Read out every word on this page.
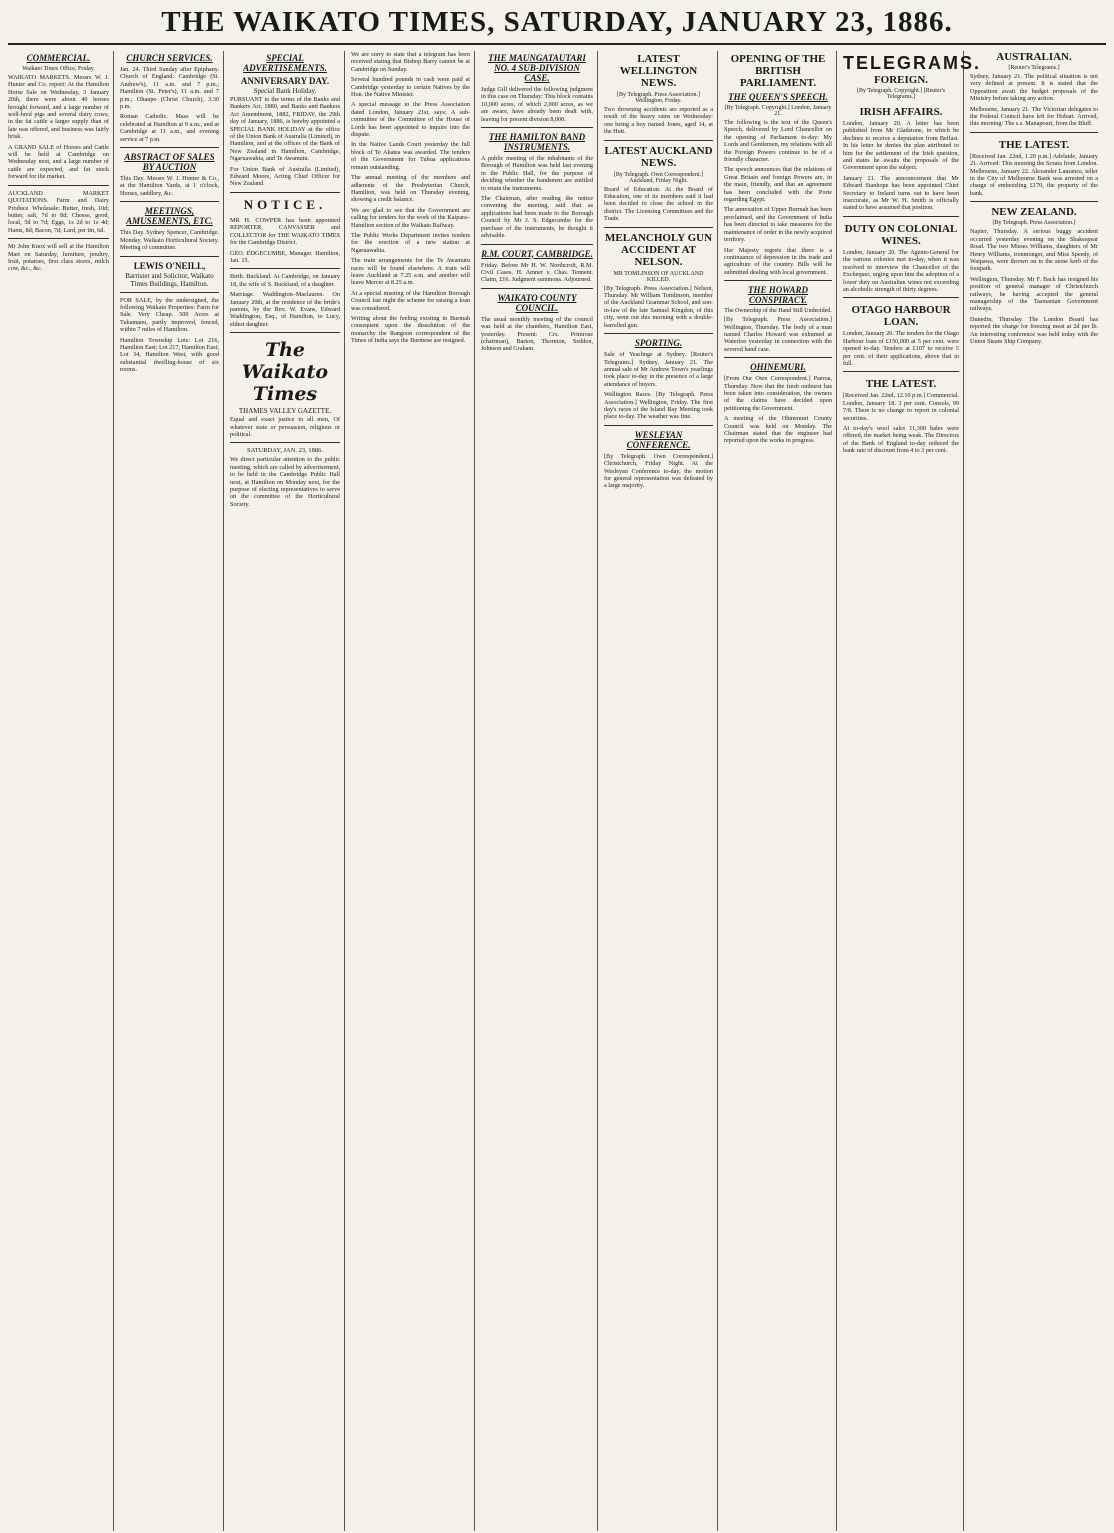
THE WAIKATO TIMES, SATURDAY, JANUARY 23, 1886.
COMMERCIAL.
Waikato Times Office, Friday.

WAIKATO MARKETS. Messrs W. J. Hunter and Co. report: At the Hamilton Horse Sale on Wednesday, 3 January 20th, there were about 40 horses brought forward, and a large number of well-bred pigs and several dairy cows; in the fat cattle a larger supply than of late was offered, and business was fairly brisk.

A GRAND SALE of Horses and Cattle will be held at Cambridge on Wednesday next, and a large number of cattle are expected, and fat stock forward for the market.

AUCKLAND MARKET QUOTATIONS. Farm and Dairy Produce. Wholesale: Butter, fresh, 10d; butter, salt, 7d to 8d; Cheese, good, local, 5d to 7d; Eggs, 1s 2d to 1s 4d; Hams, 8d; Bacon, 7d; Lard, per tin, 6d.

Mr John Knox will sell at the Hamilton Mart on Saturday, furniture, poultry, fruit, potatoes, first class stores, milch cow, &c., &c.

CHURCH SERVICES.

Jan. 24. Third Sunday after Epiphany. Church of England: Cambridge (St. Andrew's), 11 a.m. and 7 p.m.; Hamilton (St. Peter's), 11 a.m. and 7 p.m.; Ohaupo (Christ Church), 3.30 p.m.

Roman Catholic. Mass will be celebrated at Hamilton at 9 a.m., and at Cambridge at 11 a.m., and evening service at 7 p.m.

ABSTRACT OF SALES BY AUCTION

This Day. Messrs W. J. Hunter & Co., at the Hamilton Yards, at 1 o'clock, Horses, saddlery, &c.

MEETINGS, AMUSEMENTS, ETC.

This Day. Sydney Spencer, Cambridge. Monday. Waikato Horticultural Society. Meeting of committee.

LEWIS O'NEILL,
Barrister and Solicitor, Waikato Times Buildings, Hamilton.

FOR SALE, by the undersigned, the following Waikato Properties: Farm for Sale. Very Cheap. 500 Acres at Tukamanu, partly improved, fenced, within 7 miles of Hamilton.

Hamilton Township Lots: Lot 216, Hamilton East; Lot 217, Hamilton East; Lot 34, Hamilton West, with good substantial dwelling-house of six rooms.

SPECIAL ADVERTISEMENTS.
ANNIVERSARY DAY.
Special Bank Holiday.

PURSUANT to the terms of the Banks and Bankers Act, 1880, and Banks and Bankers Act Amendment, 1882, FRIDAY, the 29th day of January, 1886, is hereby appointed a SPECIAL BANK HOLIDAY at the office of the Union Bank of Australia (Limited), in Hamilton, and at the offices of the Bank of New Zealand in Hamilton, Cambridge, Ngaruawahia, and Te Awamutu.

For Union Bank of Australia (Limited), Edward Moore, Acting Chief Officer for New Zealand.

NOTICE.

MR H. COWPER has been appointed REPORTER, CANVASSER and COLLECTOR for THE WAIKATO TIMES for the Cambridge District.

GEO. EDGECUMBE, Manager. Hamilton, Jan. 15.

Birth. Buckland. At Cambridge, on January 18, the wife of S. Buckland, of a daughter.

Marriage. Waddington–Maclauren. On January 20th, at the residence of the bride's parents, by the Rev. W. Evans, Edward Waddington, Esq., of Hamilton, to Lucy, eldest daughter.

The Waikato Times
THAMES VALLEY GAZETTE.

Equal and exact justice to all men, Of whatever state or persuasion, religious or political.

SATURDAY, JAN. 23, 1886.

We direct particular attention to the public meeting, which are called by advertisement, to be held in the Cambridge Public Hall next, at Hamilton on Monday next, for the purpose of electing representatives to serve on the committee of the Horticultural Society.

We are sorry to state that a telegram has been received stating that Bishop Barry cannot be at Cambridge on Sunday.

Several hundred pounds in cash were paid at Cambridge yesterday to certain Natives by the Hon. the Native Minister.

A special message to the Press Association dated London, January 21st, says: A sub-committee of the Committee of the House of Lords has been appointed to inquire into the dispute.

In the Native Lands Court yesterday the full block of Te Akatea was awarded. The tenders of the Government for Tuhua applications remain outstanding.

The annual meeting of the members and adherents of the Presbyterian Church, Hamilton, was held on Thursday evening, showing a credit balance.

We are glad to see that the Government are calling for tenders for the work of the Kaipara–Hamilton section of the Waikato Railway.

The Public Works Department invites tenders for the erection of a new station at Ngaruawahia.

The train arrangements for the Te Awamutu races will be found elsewhere. A train will leave Auckland at 7.25 a.m. and another will leave Mercer at 8.25 a.m.

At a special meeting of the Hamilton Borough Council last night the scheme for raising a loan was considered.

Writing about the feeling existing in Burmah consequent upon the dissolution of the monarchy the Rangoon correspondent of the Times of India says the Burmese are resigned.

THE MAUNGATAUTARI NO. 4 SUB-DIVISION CASE.

Judge Gill delivered the following judgment in this case on Thursday: This block contains 10,000 acres, of which 2,000 acres, as we are aware, have already been dealt with, leaving for present division 8,000.

THE HAMILTON BAND INSTRUMENTS.

A public meeting of the inhabitants of the Borough of Hamilton was held last evening in the Public Hall, for the purpose of deciding whether the bandsmen are entitled to retain the instruments.

The Chairman, after reading the notice convening the meeting, said that as applications had been made to the Borough Council by Mr J. S. Edgecumbe for the purchase of the instruments, he thought it advisable.

R.M. COURT, CAMBRIDGE.

Friday. Before Mr H. W. Northcroft, R.M. Civil Cases. H. Amner v. Chas. Tennent. Claim, £16. Judgment summons. Adjourned.

WAIKATO COUNTY COUNCIL.

The usual monthly meeting of the council was held at the chambers, Hamilton East, yesterday. Present: Crs. Primrose (chairman), Barton, Thornton, Seddon, Johnson and Graham.

LATEST WELLINGTON NEWS.
[By Telegraph. Press Association.] Wellington, Friday.

Two drowning accidents are reported as a result of the heavy rains on Wednesday: one being a boy named Jones, aged 14, at the Hutt.

LATEST AUCKLAND NEWS.
[By Telegraph. Own Correspondent.] Auckland, Friday Night.

Board of Education. At the Board of Education, one of its members said it had been decided to close the school in the district. The Licensing Committees and the Trade.

MELANCHOLY GUN ACCIDENT AT NELSON.
MR TOMLINSON OF AUCKLAND KILLED.

[By Telegraph. Press Association.] Nelson, Thursday. Mr William Tomlinson, member of the Auckland Grammar School, and son-in-law of the late Samuel Kingdon, of this city, went out this morning with a double-barrelled gun.

SPORTING.

Sale of Yearlings at Sydney. [Reuter's Telegrams.] Sydney, January 21. The annual sale of Mr Andrew Town's yearlings took place to-day in the presence of a large attendance of buyers.

Wellington Races. [By Telegraph. Press Association.] Wellington, Friday. The first day's races of the Island Bay Meeting took place to-day. The weather was fine.

WESLEYAN CONFERENCE.

[By Telegraph. Own Correspondent.] Christchurch, Friday Night. At the Wesleyan Conference to-day, the motion for general representation was defeated by a large majority.

OPENING OF THE BRITISH PARLIAMENT.
THE QUEEN'S SPEECH.
[By Telegraph. Copyright.] London, January 21.

The following is the text of the Queen's Speech, delivered by Lord Chancellor on the opening of Parliament to-day: My Lords and Gentlemen, my relations with all the Foreign Powers continue to be of a friendly character.

The speech announces that the relations of Great Britain and foreign Powers are, in the main, friendly, and that an agreement has been concluded with the Porte regarding Egypt.

The annexation of Upper Burmah has been proclaimed, and the Government of India has been directed to take measures for the maintenance of order in the newly acquired territory.

Her Majesty regrets that there is a continuance of depression in the trade and agriculture of the country. Bills will be submitted dealing with local government.

THE HOWARD CONSPIRACY.
The Ownership of the Hand Still Undecided.

[By Telegraph. Press Association.] Wellington, Thursday. The body of a man named Charles Howard was exhumed at Waterloo yesterday in connection with the severed hand case.

OHINEMURI.

[From Our Own Correspondent.] Paeroa, Thursday. Now that the fresh outburst has been taken into consideration, the owners of the claims have decided upon petitioning the Government.

A meeting of the Ohinemuri County Council was held on Monday. The Chairman stated that the engineer had reported upon the works in progress.

TELEGRAMS.
FOREIGN.
[By Telegraph. Copyright.] [Reuter's Telegrams.]
IRISH AFFAIRS.

London, January 20. A letter has been published from Mr Gladstone, in which he declines to receive a deputation from Belfast. In his letter he denies the plan attributed to him for the settlement of the Irish question, and states he awaits the proposals of the Government upon the subject.

January 21. The announcement that Mr Edward Stanhope has been appointed Chief Secretary to Ireland turns out to have been inaccurate, as Mr W. H. Smith is officially stated to have assumed that position.

DUTY ON COLONIAL WINES.

London, January 20. The Agents-General for the various colonies met to-day, when it was resolved to interview the Chancellor of the Exchequer, urging upon him the adoption of a lower duty on Australian wines not exceeding an alcoholic strength of thirty degrees.

OTAGO HARBOUR LOAN.

London, January 20. The tenders for the Otago Harbour loan of £150,000 at 5 per cent. were opened to-day. Tenders at £107 to receive 5 per cent. of their applications, above that in full.

THE LATEST.

[Received Jan. 22nd, 12.10 p.m.] Commercial. London, January 18. 3 per cent. Consols, 99 7/8. There is no change to report in colonial securities.

At to-day's wool sales 11,300 bales were offered, the market being weak. The Directors of the Bank of England to-day reduced the bank rate of discount from 4 to 3 per cent.

AUSTRALIAN.
[Reuter's Telegrams.]

Sydney, January 21. The political situation is not very defined at present. It is stated that the Opposition await the budget proposals of the Ministry before taking any action.

Melbourne, January 21. The Victorian delegates to the Federal Council have left for Hobart. Arrived, this morning: The s.s. Manapouri, from the Bluff.

THE LATEST.

[Received Jan. 22nd, 1.20 p.m.] Adelaide, January 21. Arrived: This morning the Sorata from London. Melbourne, January 22. Alexander Laurance, teller in the City of Melbourne Bank was arrested on a charge of embezzling £170, the property of the bank.

NEW ZEALAND.
[By Telegraph. Press Association.]

Napier, Thursday. A serious buggy accident occurred yesterday evening on the Shakespear Road. The two Misses Williams, daughters of Mr Henry Williams, ironmonger, and Miss Speedy, of Waipawa, were thrown on to the stone kerb of the footpath.

Wellington, Thursday. Mr F. Back has resigned his position of general manager of Christchurch railways, he having accepted the general managership of the Tasmanian Government railways.

Dunedin, Thursday. The London Board has reported the charge for freezing meat at 2d per lb. An interesting conference was held today with the Union Steam Ship Company.
